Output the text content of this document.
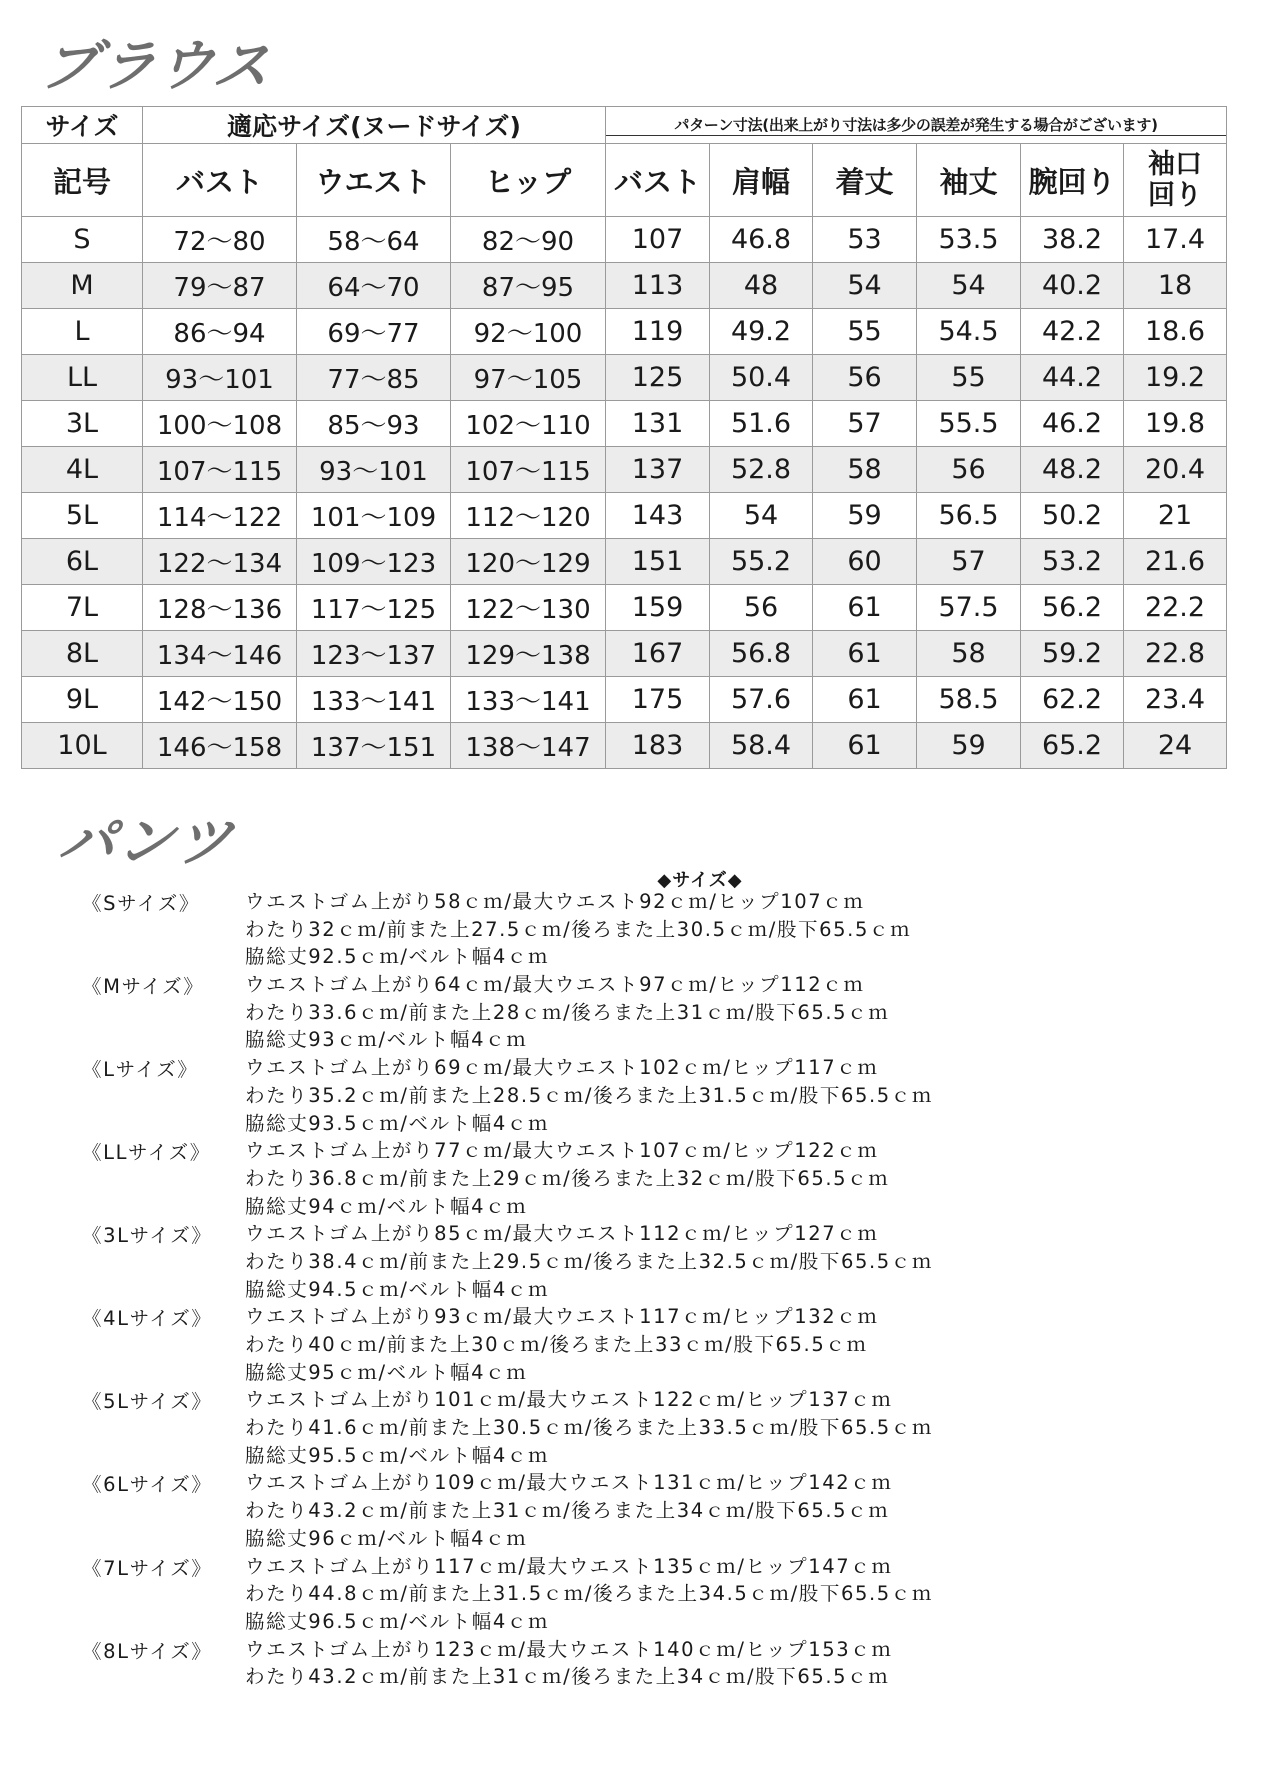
ブラウス
サイズ	適応サイズ(ヌードサイズ)			パターン寸法(出来上がり寸法は多少の誤差が発生する場合がございます)					

記号	バスト	ウエスト	ヒップ	バスト	肩幅	着丈	袖丈	腕回り	袖口回り
S	72〜80	58〜64	82〜90	107	46.8	53	53.5	38.2	17.4
M	79〜87	64〜70	87〜95	113	48	54	54	40.2	18
L	86〜94	69〜77	92〜100	119	49.2	55	54.5	42.2	18.6
LL	93〜101	77〜85	97〜105	125	50.4	56	55	44.2	19.2
3L	100〜108	85〜93	102〜110	131	51.6	57	55.5	46.2	19.8
4L	107〜115	93〜101	107〜115	137	52.8	58	56	48.2	20.4
5L	114〜122	101〜109	112〜120	143	54	59	56.5	50.2	21
6L	122〜134	109〜123	120〜129	151	55.2	60	57	53.2	21.6
7L	128〜136	117〜125	122〜130	159	56	61	57.5	56.2	22.2
8L	134〜146	123〜137	129〜138	167	56.8	61	58	59.2	22.8
9L	142〜150	133〜141	133〜141	175	57.6	61	58.5	62.2	23.4
10L	146〜158	137〜151	138〜147	183	58.4	61	59	65.2	24
パンツ
◆サイズ◆
《Sサイズ》	ウエストゴム上がり58ｃｍ/最大ウエスト92ｃｍ/ヒップ107ｃｍ
わたり32ｃｍ/前また上27.5ｃｍ/後ろまた上30.5ｃｍ/股下65.5ｃｍ
脇総丈92.5ｃｍ/ベルト幅4ｃｍ
《Mサイズ》	ウエストゴム上がり64ｃｍ/最大ウエスト97ｃｍ/ヒップ112ｃｍ
わたり33.6ｃｍ/前また上28ｃｍ/後ろまた上31ｃｍ/股下65.5ｃｍ
脇総丈93ｃｍ/ベルト幅4ｃｍ
《Lサイズ》	ウエストゴム上がり69ｃｍ/最大ウエスト102ｃｍ/ヒップ117ｃｍ
わたり35.2ｃｍ/前また上28.5ｃｍ/後ろまた上31.5ｃｍ/股下65.5ｃｍ
脇総丈93.5ｃｍ/ベルト幅4ｃｍ
《LLサイズ》	ウエストゴム上がり77ｃｍ/最大ウエスト107ｃｍ/ヒップ122ｃｍ
わたり36.8ｃｍ/前また上29ｃｍ/後ろまた上32ｃｍ/股下65.5ｃｍ
脇総丈94ｃｍ/ベルト幅4ｃｍ
《3Lサイズ》	ウエストゴム上がり85ｃｍ/最大ウエスト112ｃｍ/ヒップ127ｃｍ
わたり38.4ｃｍ/前また上29.5ｃｍ/後ろまた上32.5ｃｍ/股下65.5ｃｍ
脇総丈94.5ｃｍ/ベルト幅4ｃｍ
《4Lサイズ》	ウエストゴム上がり93ｃｍ/最大ウエスト117ｃｍ/ヒップ132ｃｍ
わたり40ｃｍ/前また上30ｃｍ/後ろまた上33ｃｍ/股下65.5ｃｍ
脇総丈95ｃｍ/ベルト幅4ｃｍ
《5Lサイズ》	ウエストゴム上がり101ｃｍ/最大ウエスト122ｃｍ/ヒップ137ｃｍ
わたり41.6ｃｍ/前また上30.5ｃｍ/後ろまた上33.5ｃｍ/股下65.5ｃｍ
脇総丈95.5ｃｍ/ベルト幅4ｃｍ
《6Lサイズ》	ウエストゴム上がり109ｃｍ/最大ウエスト131ｃｍ/ヒップ142ｃｍ
わたり43.2ｃｍ/前また上31ｃｍ/後ろまた上34ｃｍ/股下65.5ｃｍ
脇総丈96ｃｍ/ベルト幅4ｃｍ
《7Lサイズ》	ウエストゴム上がり117ｃｍ/最大ウエスト135ｃｍ/ヒップ147ｃｍ
わたり44.8ｃｍ/前また上31.5ｃｍ/後ろまた上34.5ｃｍ/股下65.5ｃｍ
脇総丈96.5ｃｍ/ベルト幅4ｃｍ
《8Lサイズ》	ウエストゴム上がり123ｃｍ/最大ウエスト140ｃｍ/ヒップ153ｃｍ
わたり43.2ｃｍ/前また上31ｃｍ/後ろまた上34ｃｍ/股下65.5ｃｍ
